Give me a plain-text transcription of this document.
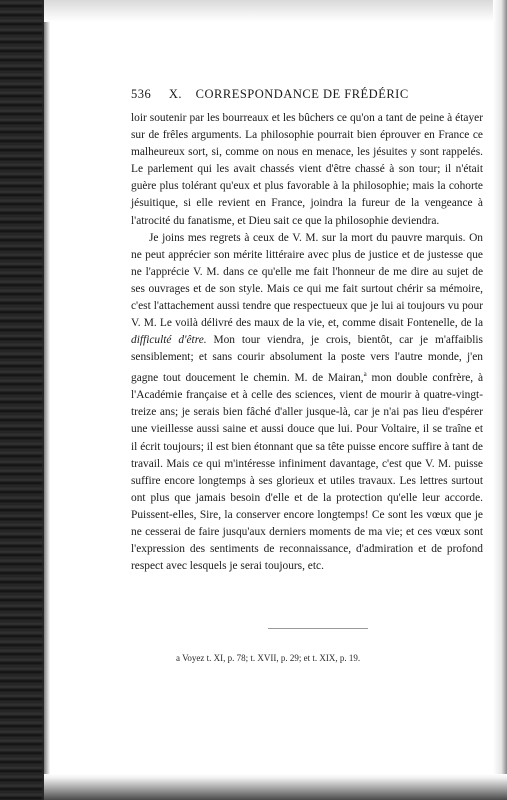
536 X. CORRESPONDANCE DE FRÉDÉRIC

loir soutenir par les bourreaux et les bûchers ce qu'on a tant de peine à étayer sur de frêles arguments. La philosophie pourrait bien éprouver en France ce malheureux sort, si, comme on nous en menace, les jésuites y sont rappelés. Le parlement qui les avait chassés vient d'être chassé à son tour; il n'était guère plus tolérant qu'eux et plus favorable à la philosophie; mais la cohorte jésuitique, si elle revient en France, joindra la fureur de la vengeance à l'atrocité du fanatisme, et Dieu sait ce que la philosophie deviendra.

Je joins mes regrets à ceux de V. M. sur la mort du pauvre marquis. On ne peut apprécier son mérite littéraire avec plus de justice et de justesse que ne l'apprécie V. M. dans ce qu'elle me fait l'honneur de me dire au sujet de ses ouvrages et de son style. Mais ce qui me fait surtout chérir sa mémoire, c'est l'attachement aussi tendre que respectueux que je lui ai toujours vu pour V. M. Le voilà délivré des maux de la vie, et, comme disait Fontenelle, de la difficulté d'être. Mon tour viendra, je crois, bientôt, car je m'affaiblis sensiblement; et sans courir absolument la poste vers l'autre monde, j'en gagne tout doucement le chemin. M. de Mairan,$^a$ mon double confrère, à l'Académie française et à celle des sciences, vient de mourir à quatre-vingt-treize ans; je serais bien fâché d'aller jusque-là, car je n'ai pas lieu d'espérer une vieillesse aussi saine et aussi douce que lui. Pour Voltaire, il se traîne et il écrit toujours; il est bien étonnant que sa tête puisse encore suffire à tant de travail. Mais ce qui m'intéresse infiniment davantage, c'est que V. M. puisse suffire encore longtemps à ses glorieux et utiles travaux. Les lettres surtout ont plus que jamais besoin d'elle et de la protection qu'elle leur accorde. Puissent-elles, Sire, la conserver encore longtemps! Ce sont les vœux que je ne cesserai de faire jusqu'aux derniers moments de ma vie; et ces vœux sont l'expression des sentiments de reconnaissance, d'admiration et de profond respect avec lesquels je serai toujours, etc.

a Voyez t. XI, p. 78; t. XVII, p. 29; et t. XIX, p. 19.
